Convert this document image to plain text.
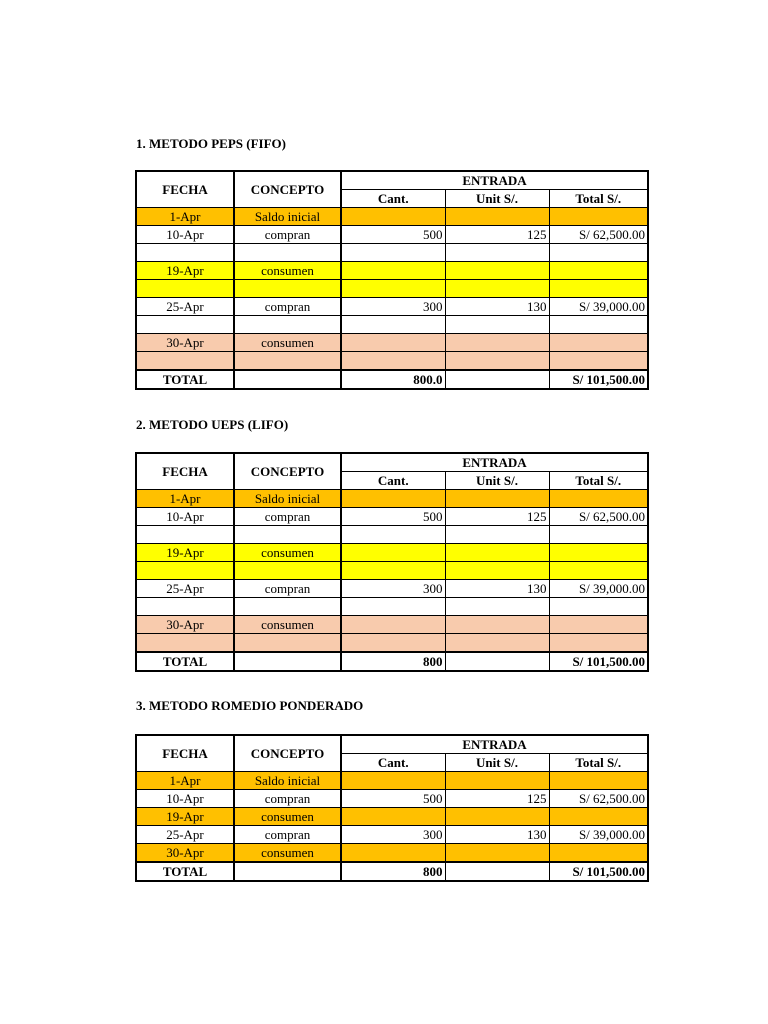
1. METODO PEPS (FIFO)
FECHA	CONCEPTO	ENTRADA		
		Cant.	Unit S/.	Total S/.
1-Apr	Saldo inicial			
10-Apr	compran	500	125	S/ 62,500.00

19-Apr	consumen			

25-Apr	compran	300	130	S/ 39,000.00

30-Apr	consumen			

TOTAL		800.0		S/ 101,500.00
2. METODO UEPS (LIFO)
FECHA	CONCEPTO	ENTRADA		
		Cant.	Unit S/.	Total S/.
1-Apr	Saldo inicial			
10-Apr	compran	500	125	S/ 62,500.00

19-Apr	consumen			

25-Apr	compran	300	130	S/ 39,000.00

30-Apr	consumen			

TOTAL		800		S/ 101,500.00
3. METODO ROMEDIO PONDERADO
FECHA	CONCEPTO	ENTRADA		
		Cant.	Unit S/.	Total S/.
1-Apr	Saldo inicial			
10-Apr	compran	500	125	S/ 62,500.00
19-Apr	consumen			
25-Apr	compran	300	130	S/ 39,000.00
30-Apr	consumen			
TOTAL		800		S/ 101,500.00
